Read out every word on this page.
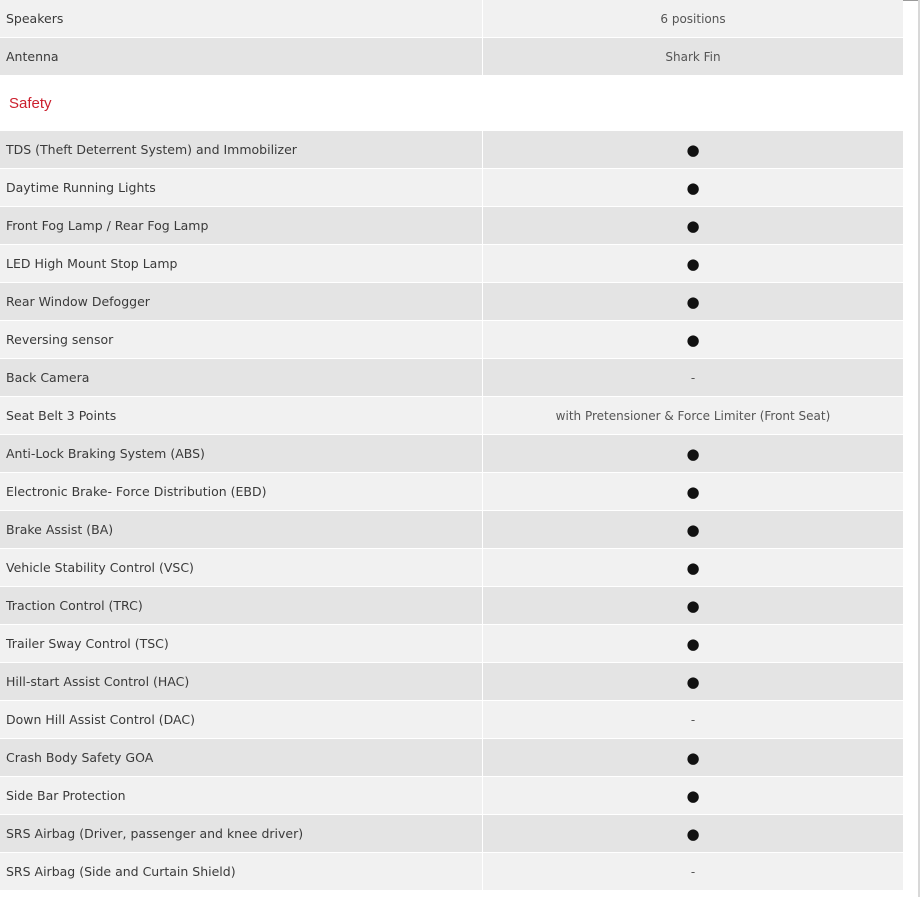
Speakers	6 positions
Antenna	Shark Fin
Safety
TDS (Theft Deterrent System) and Immobilizer	●
Daytime Running Lights	●
Front Fog Lamp / Rear Fog Lamp	●
LED High Mount Stop Lamp	●
Rear Window Defogger	●
Reversing sensor	●
Back Camera	-
Seat Belt 3 Points	with Pretensioner & Force Limiter (Front Seat)
Anti-Lock Braking System (ABS)	●
Electronic Brake- Force Distribution (EBD)	●
Brake Assist (BA)	●
Vehicle Stability Control (VSC)	●
Traction Control (TRC)	●
Trailer Sway Control (TSC)	●
Hill-start Assist Control (HAC)	●
Down Hill Assist Control (DAC)	-
Crash Body Safety GOA	●
Side Bar Protection	●
SRS Airbag (Driver, passenger and knee driver)	●
SRS Airbag (Side and Curtain Shield)	-
